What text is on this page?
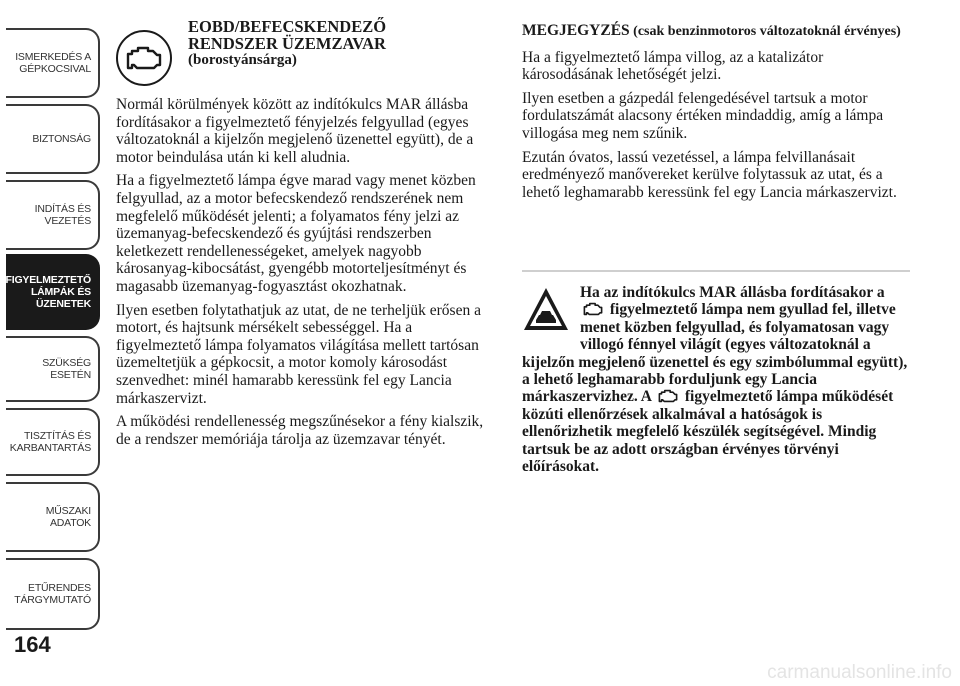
ISMERKEDÉS A
GÉPKOCSIVAL
BIZTONSÁG
INDÍTÁS ÉS
VEZETÉS
FIGYELMEZTETŐ
LÁMPÁK ÉS
ÜZENETEK
SZÜKSÉG ESETÉN
TISZTÍTÁS ÉS
KARBANTARTÁS
MŰSZAKI ADATOK
ETŰRENDES
TÁRGYMUTATÓ
164
EOBD/BEFECSKENDEZŐ
RENDSZER ÜZEMZAVAR
(borostyánsárga)

Normál körülmények között az indítókulcs MAR állásba fordításakor a figyelmeztető fényjelzés felgyullad (egyes változatoknál a kijelzőn megjelenő üzenettel együtt), de a motor beindulása után ki kell aludnia.

Ha a figyelmeztető lámpa égve marad vagy menet közben felgyullad, az a motor befecskendező rendszerének nem megfelelő működését jelenti; a folyamatos fény jelzi az üzemanyag-befecskendező és gyújtási rendszerben keletkezett rendellenességeket, amelyek nagyobb károsanyag-kibocsátást, gyengébb motorteljesítményt és magasabb üzemanyag-fogyasztást okozhatnak.

Ilyen esetben folytathatjuk az utat, de ne terheljük erősen a motort, és hajtsunk mérsékelt sebességgel. Ha a figyelmeztető lámpa folyamatos világítása mellett tartósan üzemeltetjük a gépkocsit, a motor komoly károsodást szenvedhet: minél hamarabb keressünk fel egy Lancia márkaszervizt.

A működési rendellenesség megszűnésekor a fény kialszik, de a rendszer memóriája tárolja az üzemzavar tényét.

MEGJEGYZÉS (csak benzinmotoros változatoknál érvényes)

Ha a figyelmeztető lámpa villog, az a katalizátor károsodásának lehetőségét jelzi.

Ilyen esetben a gázpedál felengedésével tartsuk a motor fordulatszámát alacsony értéken mindaddig, amíg a lámpa villogása meg nem szűnik.

Ezután óvatos, lassú vezetéssel, a lámpa felvillanásait eredményező manővereket kerülve folytassuk az utat, és a lehető leghamarabb keressünk fel egy Lancia márkaszervizt.

Ha az indítókulcs MAR állásba fordításakor a  figyelmeztető lámpa nem gyullad fel, illetve menet közben felgyullad, és folyamatosan vagy villogó fénnyel világít (egyes változatoknál a kijelzőn megjelenő üzenettel és egy szimbólummal együtt), a lehető leghamarabb forduljunk egy Lancia márkaszervizhez. A figyelmeztető lámpa működését közúti ellenőrzések alkalmával a hatóságok is ellenőrizhetik megfelelő készülék segítségével. Mindig tartsuk be az adott országban érvényes törvényi előírásokat.
carmanualsonline.info
